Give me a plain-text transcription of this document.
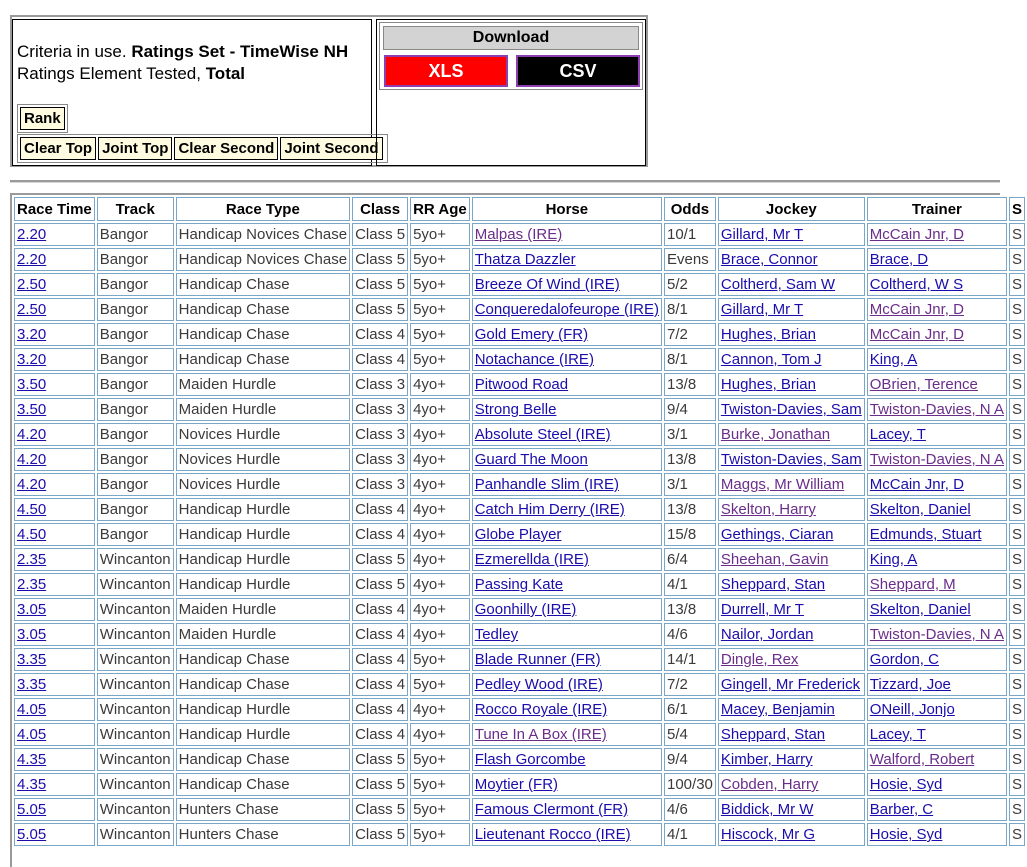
Criteria in use. Ratings Set - TimeWise NH
Ratings Element Tested, Total
Rank
Clear Top Joint Top Clear Second Joint Second
Download
XLS	CSV
Race Time	Track	Race Type	Class	RR Age	Horse	Odds	Jockey	Trainer	S
2.20	Bangor	Handicap Novices Chase	Class 5	5yo+	Malpas (IRE)	10/1	Gillard, Mr T	McCain Jnr, D	S
2.20	Bangor	Handicap Novices Chase	Class 5	5yo+	Thatza Dazzler	Evens	Brace, Connor	Brace, D	S
2.50	Bangor	Handicap Chase	Class 5	5yo+	Breeze Of Wind (IRE)	5/2	Coltherd, Sam W	Coltherd, W S	S
2.50	Bangor	Handicap Chase	Class 5	5yo+	Conqueredalofeurope (IRE)	8/1	Gillard, Mr T	McCain Jnr, D	S
3.20	Bangor	Handicap Chase	Class 4	5yo+	Gold Emery (FR)	7/2	Hughes, Brian	McCain Jnr, D	S
3.20	Bangor	Handicap Chase	Class 4	5yo+	Notachance (IRE)	8/1	Cannon, Tom J	King, A	S
3.50	Bangor	Maiden Hurdle	Class 3	4yo+	Pitwood Road	13/8	Hughes, Brian	OBrien, Terence	S
3.50	Bangor	Maiden Hurdle	Class 3	4yo+	Strong Belle	9/4	Twiston-Davies, Sam	Twiston-Davies, N A	S
4.20	Bangor	Novices Hurdle	Class 3	4yo+	Absolute Steel (IRE)	3/1	Burke, Jonathan	Lacey, T	S
4.20	Bangor	Novices Hurdle	Class 3	4yo+	Guard The Moon	13/8	Twiston-Davies, Sam	Twiston-Davies, N A	S
4.20	Bangor	Novices Hurdle	Class 3	4yo+	Panhandle Slim (IRE)	3/1	Maggs, Mr William	McCain Jnr, D	S
4.50	Bangor	Handicap Hurdle	Class 4	4yo+	Catch Him Derry (IRE)	13/8	Skelton, Harry	Skelton, Daniel	S
4.50	Bangor	Handicap Hurdle	Class 4	4yo+	Globe Player	15/8	Gethings, Ciaran	Edmunds, Stuart	S
2.35	Wincanton	Handicap Hurdle	Class 5	4yo+	Ezmerellda (IRE)	6/4	Sheehan, Gavin	King, A	S
2.35	Wincanton	Handicap Hurdle	Class 5	4yo+	Passing Kate	4/1	Sheppard, Stan	Sheppard, M	S
3.05	Wincanton	Maiden Hurdle	Class 4	4yo+	Goonhilly (IRE)	13/8	Durrell, Mr T	Skelton, Daniel	S
3.05	Wincanton	Maiden Hurdle	Class 4	4yo+	Tedley	4/6	Nailor, Jordan	Twiston-Davies, N A	S
3.35	Wincanton	Handicap Chase	Class 4	5yo+	Blade Runner (FR)	14/1	Dingle, Rex	Gordon, C	S
3.35	Wincanton	Handicap Chase	Class 4	5yo+	Pedley Wood (IRE)	7/2	Gingell, Mr Frederick	Tizzard, Joe	S
4.05	Wincanton	Handicap Hurdle	Class 4	4yo+	Rocco Royale (IRE)	6/1	Macey, Benjamin	ONeill, Jonjo	S
4.05	Wincanton	Handicap Hurdle	Class 4	4yo+	Tune In A Box (IRE)	5/4	Sheppard, Stan	Lacey, T	S
4.35	Wincanton	Handicap Chase	Class 5	5yo+	Flash Gorcombe	9/4	Kimber, Harry	Walford, Robert	S
4.35	Wincanton	Handicap Chase	Class 5	5yo+	Moytier (FR)	100/30	Cobden, Harry	Hosie, Syd	S
5.05	Wincanton	Hunters Chase	Class 5	5yo+	Famous Clermont (FR)	4/6	Biddick, Mr W	Barber, C	S
5.05	Wincanton	Hunters Chase	Class 5	5yo+	Lieutenant Rocco (IRE)	4/1	Hiscock, Mr G	Hosie, Syd	S
